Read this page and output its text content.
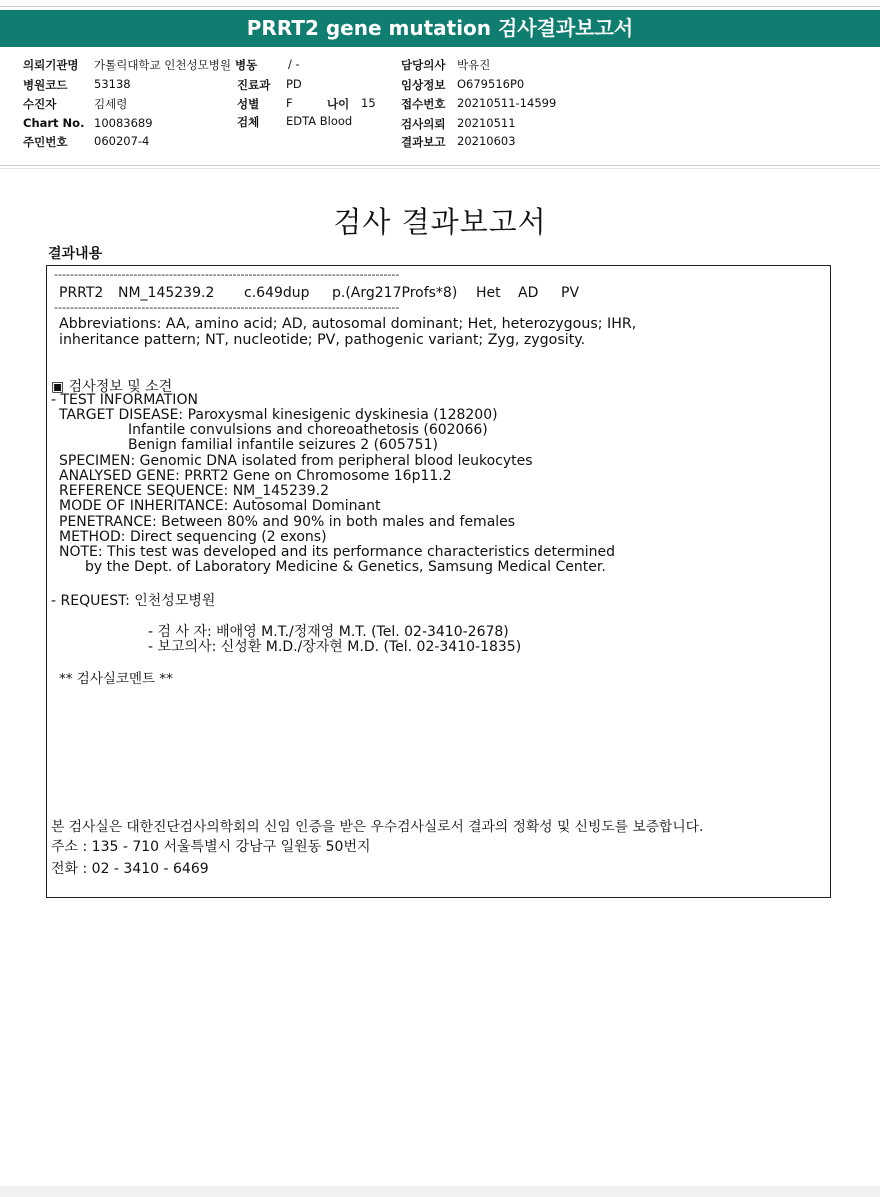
PRRT2 gene mutation 검사결과보고서
의뢰기관명 가톨릭대학교 인천성모병원 병동	/ -	담당의사 박유진
병원코드 53138	진료과 PD	임상정보 O679516P0
수진자	김세령	성별 F	나이 15 접수번호 20210511-14599
Chart No. 10083689	검체 EDTA Blood	검사의뢰 20210511
주민번호 060207-4	결과보고 20210603
검사 결과보고서
결과내용
---------------------------------------------------------------------------------------
PRRT2 NM_145239.2 c.649dup p.(Arg217Profs*8) Het AD PV
---------------------------------------------------------------------------------------
Abbreviations: AA, amino acid; AD, autosomal dominant; Het, heterozygous; IHR,
inheritance pattern; NT, nucleotide; PV, pathogenic variant; Zyg, zygosity.
▣ 검사정보 및 소견
- TEST INFORMATION
TARGET DISEASE: Paroxysmal kinesigenic dyskinesia (128200)
Infantile convulsions and choreoathetosis (602066)
Benign familial infantile seizures 2 (605751)
SPECIMEN: Genomic DNA isolated from peripheral blood leukocytes
ANALYSED GENE: PRRT2 Gene on Chromosome 16p11.2
REFERENCE SEQUENCE: NM_145239.2
MODE OF INHERITANCE: Autosomal Dominant
PENETRANCE: Between 80% and 90% in both males and females
METHOD: Direct sequencing (2 exons)
NOTE: This test was developed and its performance characteristics determined
by the Dept. of Laboratory Medicine & Genetics, Samsung Medical Center.
- REQUEST: 인천성모병원
- 검 사 자: 배애영 M.T./정재영 M.T. (Tel. 02-3410-2678)
- 보고의사: 신성환 M.D./장자현 M.D. (Tel. 02-3410-1835)
** 검사실코멘트 **
본 검사실은 대한진단검사의학회의 신임 인증을 받은 우수검사실로서 결과의 정확성 및 신빙도를 보증합니다.
주소 : 135 - 710 서울특별시 강남구 일원동 50번지
전화 : 02 - 3410 - 6469
